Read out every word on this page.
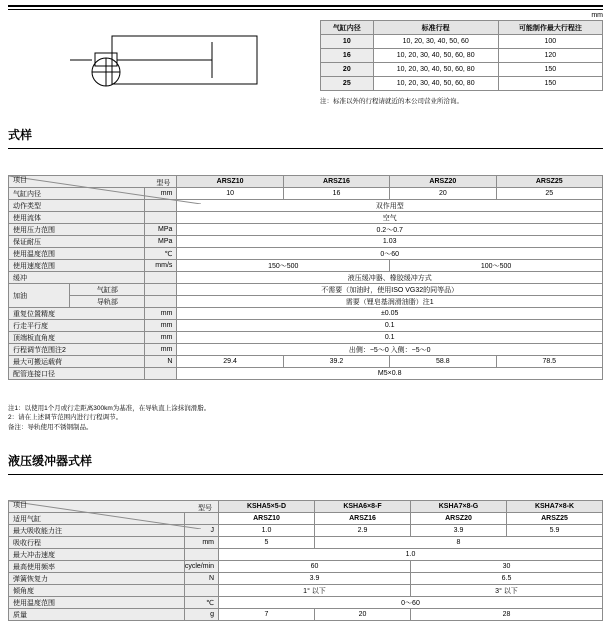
mm
气缸内径	标准行程	可能制作最大行程注
10	10, 20, 30, 40, 50, 60	100
16	10, 20, 30, 40, 50, 60, 80	120
20	10, 20, 30, 40, 50, 60, 80	150
25	10, 20, 30, 40, 50, 60, 80	150
注：标准以外的行程请就近的本公司营业所洽询。
式样
项目 型号			ARSZ10	ARSZ16	ARSZ20	ARSZ25
气缸内径		mm	10	16	20	25
动作类型			双作用型			
使用流体			空气			
使用压力范围		MPa	0.2～0.7			
保证耐压		MPa	1.03			
使用温度范围		℃	0～60			
使用速度范围		mm/s	150～500		100～500	
缓冲			液压缓冲器、橡胶缓冲方式			
加油	气缸部		不需要（加油时，使用ISO VG32的同等品）			
	导轨部		需要（锂皂基润滑油脂）注1			
重复位置精度		mm	±0.05			
行走平行度		mm	0.1			
顶端板直角度		mm	0.1			
行程调节范围注2		mm	出侧：−5～0 入侧：−5～0			
最大可搬运载荷		N	29.4	39.2	58.8	78.5
配管连接口径			M5×0.8			
注1：以使用1个月或行走距离300km为基准，在导轨直上涂抹润滑脂。
2：请在上述调节范围内进行行程调节。
备注：导轨使用不锈钢制品。
液压缓冲器式样
项目 型号		KSHA5×5-D	KSHA6×8-F	KSHA7×8-G	KSHA7×8-K
适用气缸		ARSZ10	ARSZ16	ARSZ20	ARSZ25
最大吸收能力注	J	1.0	2.9	3.9	5.9
吸收行程	mm	5	8		
最大冲击速度		1.0			
最高使用频率	cycle/min	60		30	
弹簧恢复力	N	3.9		6.5	
倾角度		1° 以下		3° 以下	
使用温度范围	℃	0～60			
质量	g	7	20	28	
